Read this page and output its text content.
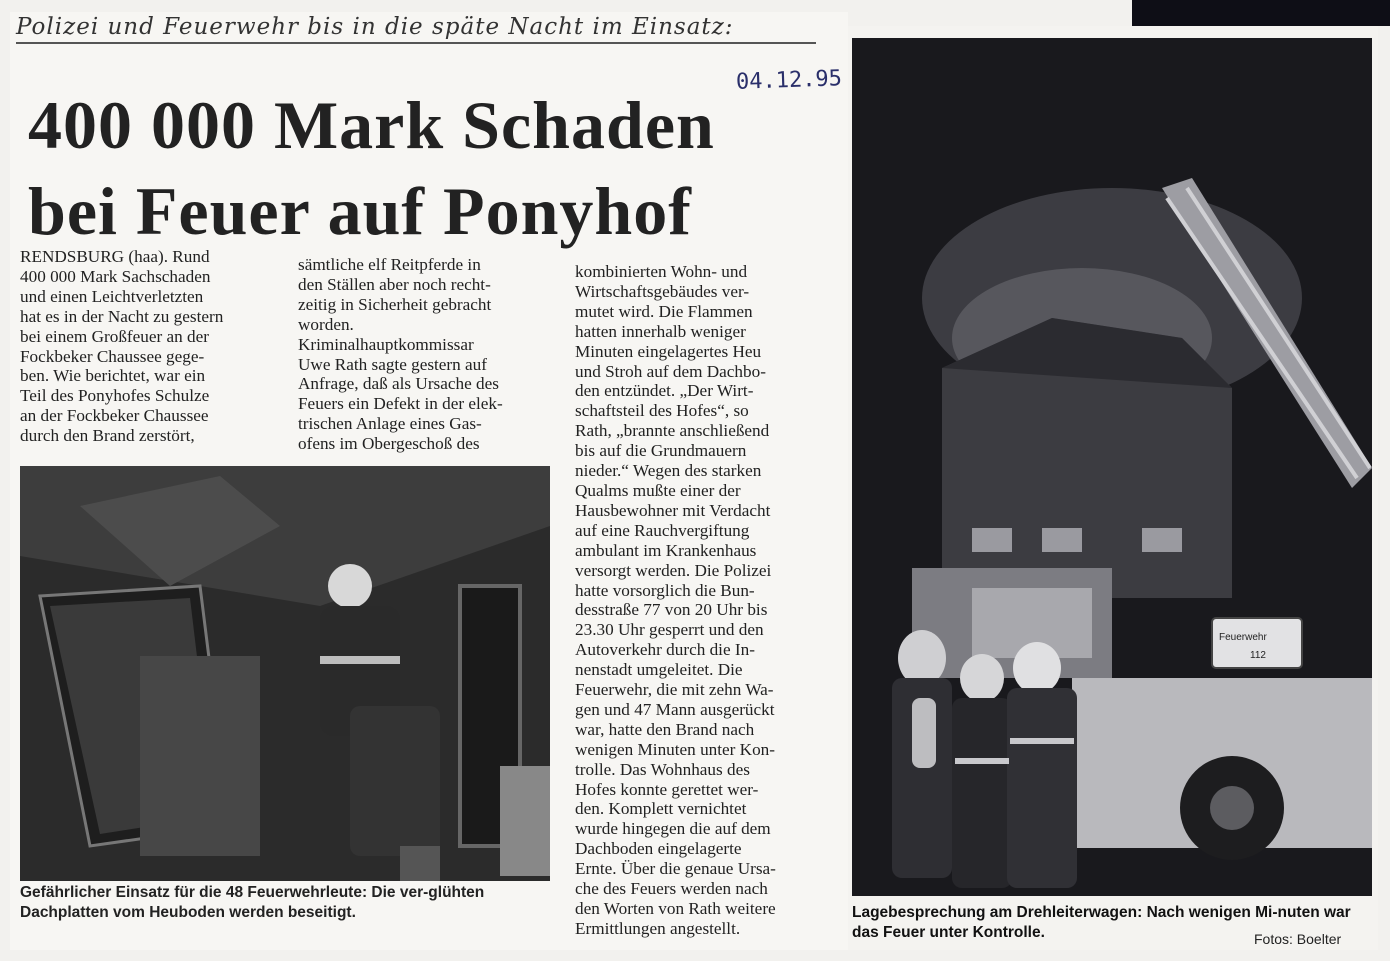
Polizei und Feuerwehr bis in die späte Nacht im Einsatz:
04.12.95
400 000 Mark Schaden
bei Feuer auf Ponyhof
RENDSBURG (haa). Rund
400 000 Mark Sachschaden
und einen Leichtverletzten
hat es in der Nacht zu gestern
bei einem Großfeuer an der
Fockbeker Chaussee gege-
ben. Wie berichtet, war ein
Teil des Ponyhofes Schulze
an der Fockbeker Chaussee
durch den Brand zerstört,
sämtliche elf Reitpferde in
den Ställen aber noch recht-
zeitig in Sicherheit gebracht
worden.
Kriminalhauptkommissar
Uwe Rath sagte gestern auf
Anfrage, daß als Ursache des
Feuers ein Defekt in der elek-
trischen Anlage eines Gas-
ofens im Obergeschoß des
kombinierten Wohn- und
Wirtschaftsgebäudes ver-
mutet wird. Die Flammen
hatten innerhalb weniger
Minuten eingelagertes Heu
und Stroh auf dem Dachbo-
den entzündet. „Der Wirt-
schaftsteil des Hofes“, so
Rath, „brannte anschließend
bis auf die Grundmauern
nieder.“ Wegen des starken
Qualms mußte einer der
Hausbewohner mit Verdacht
auf eine Rauchvergiftung
ambulant im Krankenhaus
versorgt werden. Die Polizei
hatte vorsorglich die Bun-
desstraße 77 von 20 Uhr bis
23.30 Uhr gesperrt und den
Autoverkehr durch die In-
nenstadt umgeleitet. Die
Feuerwehr, die mit zehn Wa-
gen und 47 Mann ausgerückt
war, hatte den Brand nach
wenigen Minuten unter Kon-
trolle. Das Wohnhaus des
Hofes konnte gerettet wer-
den. Komplett vernichtet
wurde hingegen die auf dem
Dachboden eingelagerte
Ernte. Über die genaue Ursa-
che des Feuers werden nach
den Worten von Rath weitere
Ermittlungen angestellt.
Gefährlicher Einsatz für die 48 Feuerwehrleute: Die ver-glühten Dachplatten vom Heuboden werden beseitigt.
Feuerwehr
112
Lagebesprechung am Drehleiterwagen: Nach wenigen Mi-nuten war das Feuer unter Kontrolle.	Fotos: Boelter
